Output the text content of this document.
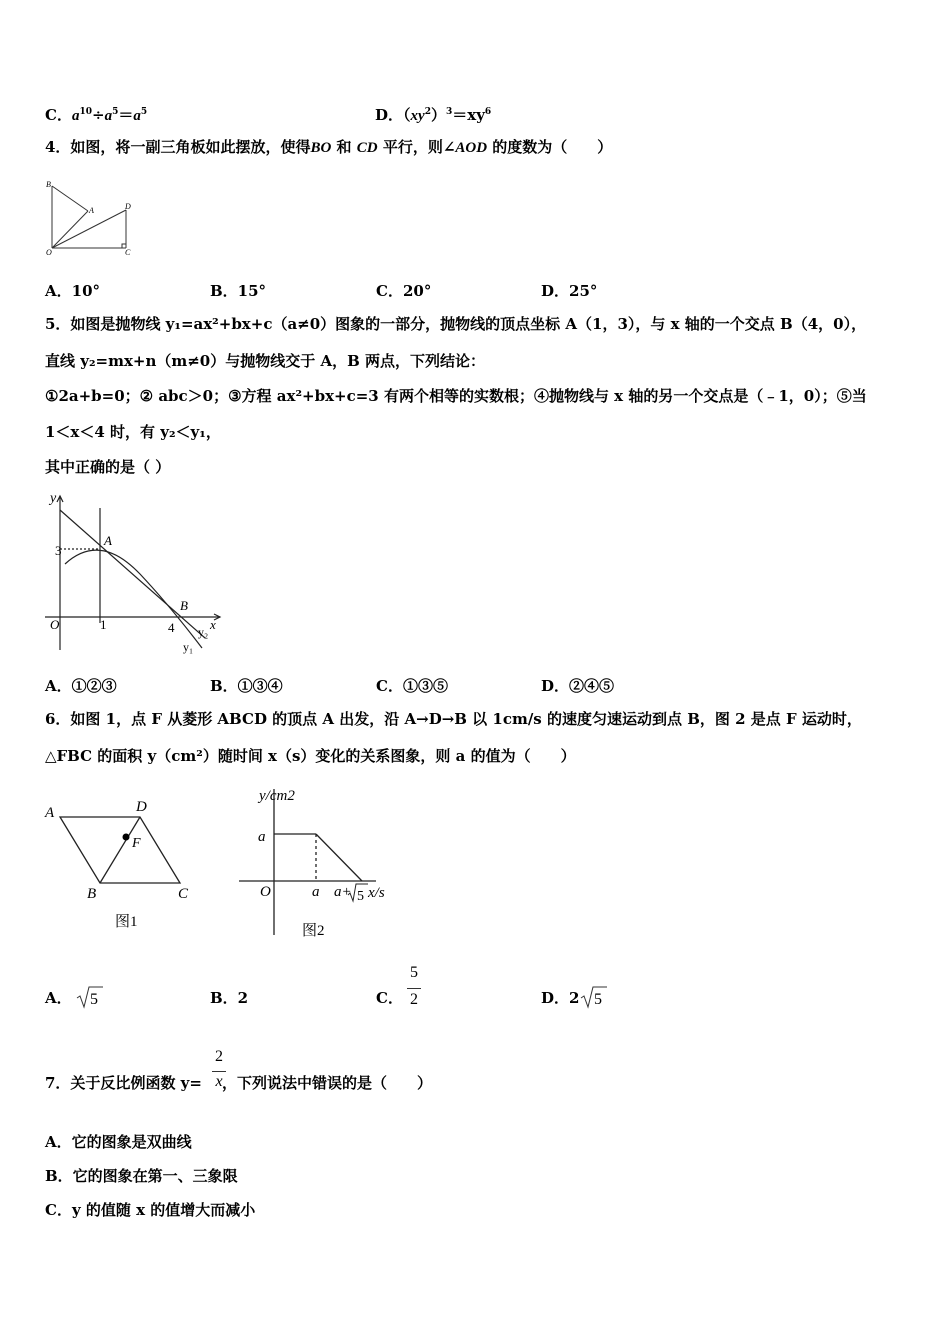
C．$a^{10}\div a^5=a^5$	D．$(xy^2)^3=xy^6$
4．如图，将一副三角板如此摆放，使得BO 和 CD 平行，则∠AOD 的度数为（　　）
B
A	D
O	C
A．10°	B．15°	C．20°	D．25°
5．如图是抛物线 y₁=ax²+bx+c（a≠0）图象的一部分，抛物线的顶点坐标 A（1，3），与 x 轴的一个交点 B（4，0），
直线 y₂=mx+n（m≠0）与抛物线交于 A，B 两点，下列结论：
①2a+b=0；② abc＞0；③方程 ax²+bx+c=3 有两个相等的实数根；④抛物线与 x 轴的另一个交点是（﹣1，0）；⑤当
1＜x＜4 时，有 y₂＜y₁，
其中正确的是（ ）
y
3
A
O	1	4
B
x
y₂
y₁
A．①②③	B．①③④	C．①③⑤	D．②④⑤
6．如图 1，点 F 从菱形 ABCD 的顶点 A 出发，沿 A→D→B 以 1cm/s 的速度匀速运动到点 B，图 2 是点 F 运动时，
△FBC 的面积 y（cm²）随时间 x（s）变化的关系图象，则 a 的值为（　　）
A	D
F
B	C
图1
y/cm2
a
O	a a+ 5 x/s
图2
A． 5	B．2	C．
5
2	D．2 5
7．关于反比例函数 y= ，下列说法中错误的是（　　）
2
x
A．它的图象是双曲线
B．它的图象在第一、三象限
C．y 的值随 x 的值增大而减小
